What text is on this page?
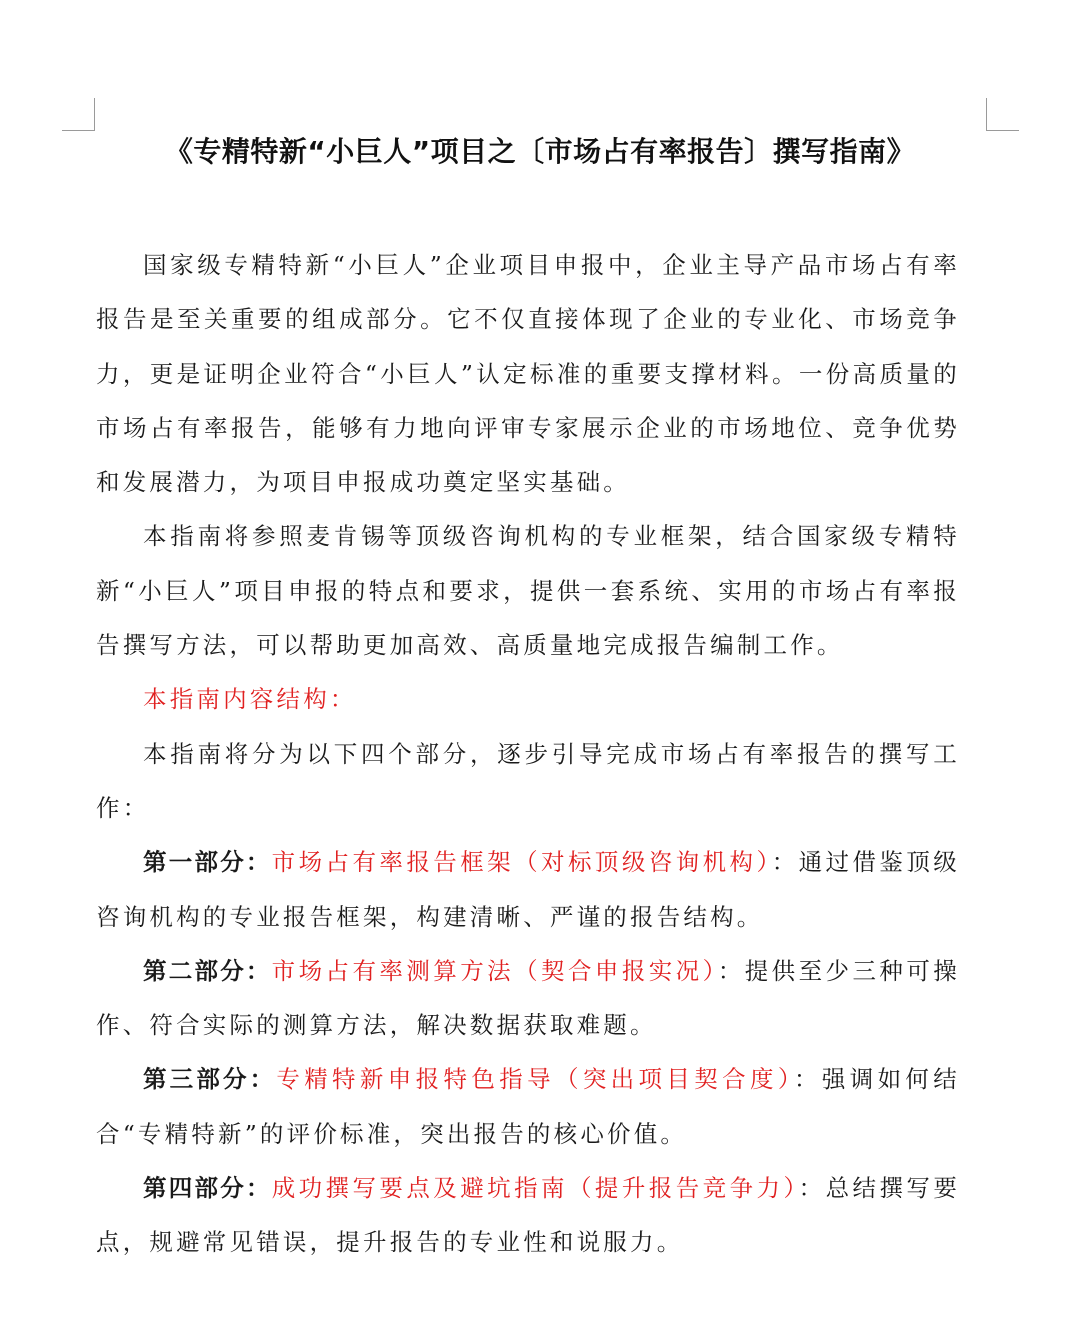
《专精特新“小巨人”项目之〔市场占有率报告〕撰写指南》

国家级专精特新“小巨人”企业项目申报中，企业主导产品市场占有率报告是至关重要的组成部分。它不仅直接体现了企业的专业化、市场竞争力，更是证明企业符合“小巨人”认定标准的重要支撑材料。一份高质量的市场占有率报告，能够有力地向评审专家展示企业的市场地位、竞争优势和发展潜力，为项目申报成功奠定坚实基础。

本指南将参照麦肯锡等顶级咨询机构的专业框架，结合国家级专精特新“小巨人”项目申报的特点和要求，提供一套系统、实用的市场占有率报告撰写方法，可以帮助更加高效、高质量地完成报告编制工作。

本指南内容结构：

本指南将分为以下四个部分，逐步引导完成市场占有率报告的撰写工作：

第一部分：市场占有率报告框架（对标顶级咨询机构）：通过借鉴顶级咨询机构的专业报告框架，构建清晰、严谨的报告结构。

第二部分：市场占有率测算方法（契合申报实况）：提供至少三种可操作、符合实际的测算方法，解决数据获取难题。

第三部分：专精特新申报特色指导（突出项目契合度）：强调如何结合“专精特新”的评价标准，突出报告的核心价值。

第四部分：成功撰写要点及避坑指南（提升报告竞争力）：总结撰写要点，规避常见错误，提升报告的专业性和说服力。
